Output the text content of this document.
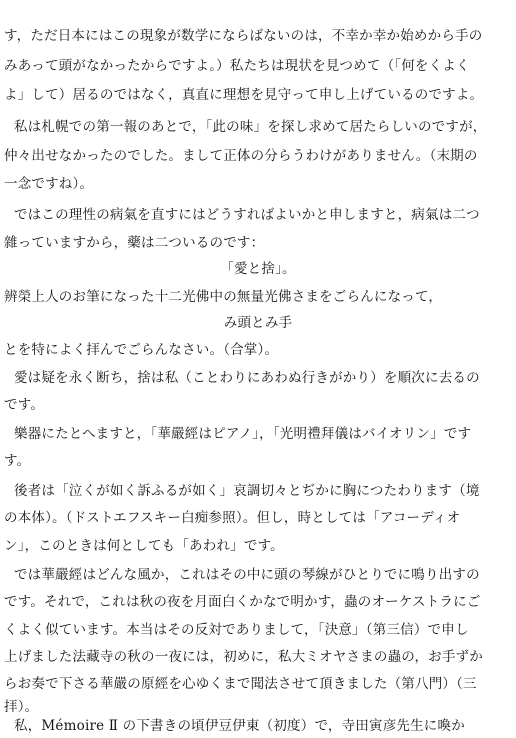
す，ただ日本にはこの現象が数学にならばないのは，不幸か幸か始めから手の
みあって頭がなかったからですよ。）私たちは現状を見つめて（「何をくよく
よ」して）居るのではなく，真直に理想を見守って申し上げているのですよ。
私は札幌での第一報のあとで，「此の味」を探し求めて居たらしいのですが，
仲々出せなかったのでした。まして正体の分らうわけがありません。（末期の
一念ですね）。
ではこの理性の病氣を直すにはどうすればよいかと申しますと，病氣は二つ
雜っていますから，藥は二ついるのです：
「愛と捨」。
辨榮上人のお筆になった十二光佛中の無量光佛さまをごらんになって，
み頭とみ手
とを特によく拝んでごらんなさい。（合掌）。
愛は疑を永く断ち，捨は私（ことわりにあわぬ行きがかり）を順次に去るの
です。
樂器にたとへますと，「華嚴經はピアノ」，「光明禮拜儀はバイオリン」です
す。
後者は「泣くが如く訴ふるが如く」哀調切々とぢかに胸につたわります（境
の本体）。（ドストエフスキー白痴参照）。但し，時としては「アコーディオ
ン」，このときは何としても「あわれ」です。
では華嚴經はどんな風か，これはその中に頭の琴線がひとりでに鳴り出すの
です。それで，これは秋の夜を月面白くかなで明かす，蟲のオーケストラにご
くよく似ています。本当はその反対でありまして，「決意」（第三信）で申し
上げました法藏寺の秋の一夜には，初めに，私大ミオヤさまの蟲の，お手ずか
らお奏で下さる華嚴の原經を心ゆくまで聞法させて頂きました（第八門）（三
拝）。
私，Mémoire Ⅱ の下書きの頃伊豆伊東（初度）で，寺田寅彦先生に喚か
